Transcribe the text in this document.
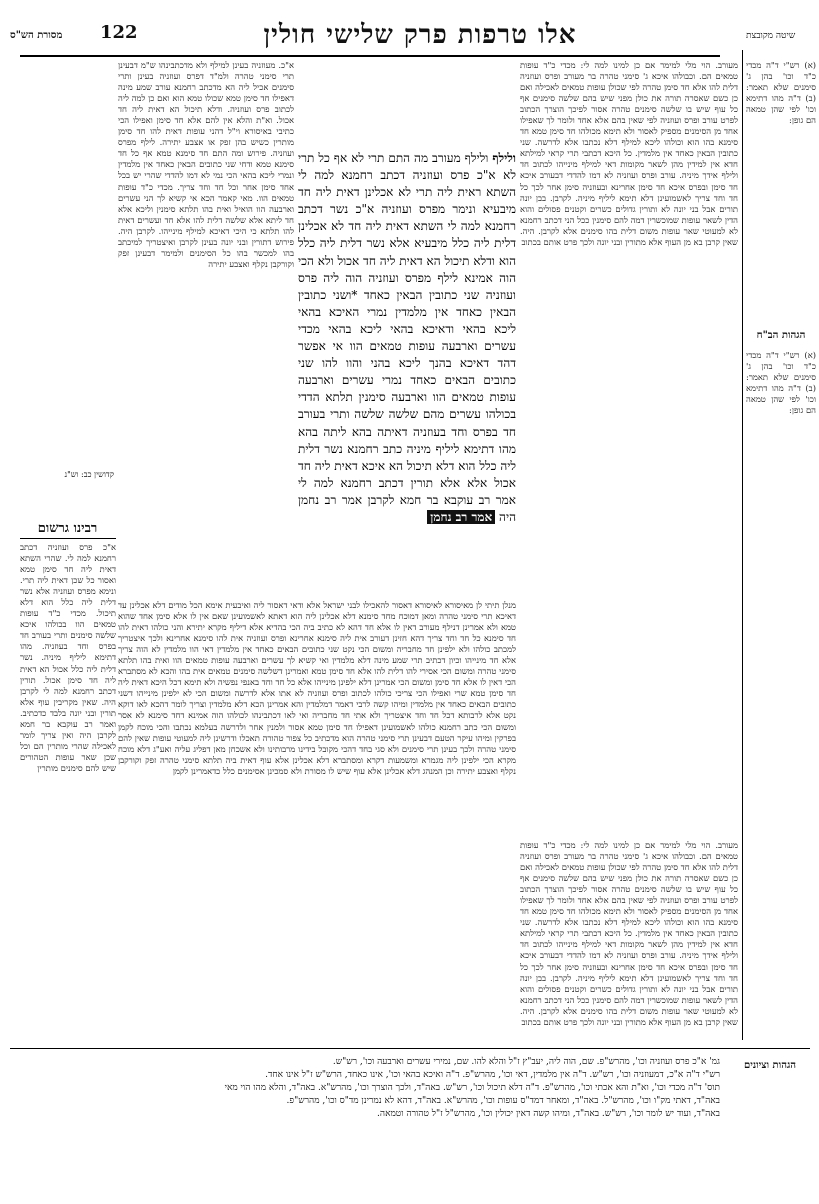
122	אלו טרפות פרק שלישי חולין	שיטה מקובצת
מסורת הש"ס
(א) רש"י ד"ה מכדי כ"ד וכו' בהן ג' סימנים שלא תאמר: (ב) ד"ה מהו דתימא וכו' לפי שהן טמאה הם גופן:
הגהות הב"ח
(א) רש"י ד"ה מכדי כ"ד וכו' בהן ג' סימנים שלא תאמר: (ב) ד"ה מהו דתימא וכו' לפי שהן טמאה הם גופן:
מעורב. הוי מלי למימר אם כן למינו למה לי: מכדי כ"ד עופות טמאים הם. וכבולהו איכא ג' סימני טהרה בר מעורב ופרס ועוזניה דלית להו אלא חד סימן טהרה לפי שכולן עופות טמאים לאכילה ואם כן כשם שאסרה תורה את כולן מפני שיש בהם שלשה סימנים אף כל עוף שיש בו שלשה סימנים טהרה אסור לפיכך הוצרך הכתוב לפרט עורב ופרס ועוזניה לפי שאין בהם אלא אחד ולומר לך שאפילו אחד מן הסימנים מספיק לאסור ולא תימא מכולהו חד סימן טמא חד סימנא בהו הוא וכולהו ליכא למילף דלא נכתבו אלא לדרשה. שני כתובין הבאין כאחד אין מלמדין. כל היכא דכתבי תרי קראי למילתא חדא אין למידין מהן לשאר מקומות דאי למילף מינייהו לכתוב חד ולילף אידך מיניה. עורב ופרס ועוזניה לא דמו להדדי דבעורב איכא חד סימן ובפרס איכא חד סימן אחרינא ובעוזניה סימן אחר לכך כל חד וחד צריך לאשמועינן דלא תימא ליליף מיניה. לקרבן. בבן יונה תורים אבל בני יונה לא ותורין גדולים כשרים וקטנים פסולים והוא הדין לשאר עופות שמוכשרין דמה להם סימנין ככל הני דכתב רחמנא לא למעוטי שאר עופות משום דלית בהו סימנים אלא לקרבן. היה. שאין קרבן בא מן העוף אלא מתורין ובני יונה ולכך פרט אותם בכתוב
ולילף ולילף מעורב מה התם תרי לא אף כל תרי לא א"כ פרס ועוזניה דכתב רחמנא למה לי השתא ראית ליה תרי לא אכלינן דאית ליה חד מיבעיא ונימר מפרס ועוזניה א"כ נשר דכתב רחמנא למה לי השתא דאית ליה חד לא אכלינן דלית ליה כלל מיבעיא אלא נשר דלית ליה כלל הוא ודלא תיכול הא דאית ליה חד אכול ולא הכי הוה אמינא לילף מפרס ועוזניה הוה ליה פרס ועוזניה שני כתובין הבאין כאחד *ושני כתובין הבאין כאחד אין מלמדין נמרי האיכא בהאי ליכא בהאי ודאיכא בהאי ליכא בהאי מכדי עשרים וארבעה עופות טמאים הוו אי אפשר דהד דאיכא בהנך ליכא בהני והוו להו שני כתובים הבאים כאחד נמרי עשרים וארבעה עופות טמאים הוו וארבעה סימנין תלתא הדדי בכולהו עשרים מהם שלשה שלשה ותרי בעורב חד בפרס וחד בעוזניה דאיתה בהא ליתה בהא מהו דתימא ליליף מיניה כתב רחמנא נשר דלית ליה כלל הוא דלא תיכול הא איכא דאית ליה חד אכול אלא אלא תורין דכתב רחמנא למה לי אמר רב עוקבא בר חמא לקרבן אמר רב נחמן היה אמר רב נחמן
א"כ. מעוזניה בעינן למילף ולא מדכתבינהו ש"מ דבעינן תרי סימני טהרה ולמ"ד דפרס ועוזניה בעינן ותרי סימנים אכיל ליה הא מדכתב רחמנא עורב שמע מינה דאפילו חד סימן טמא שכולו טמא הוא ואם כן למה ליה לכתוב פרס ועוזניה. ודלא תיכול הא דאית ליה חד אכול. וא"ת והלא אין להם אלא חד סימן ואפילו הכי כתיבי באיסורא וי"ל דהני עופות דאית להו חד סימן מותרין כשיש בהן זפק או אצבע יתירה. לילף מפרס ועוזניה. פירוש ומה התם חד סימנא טמא אף כל חד סימנא טמא ודחי שני כתובים הבאין כאחד אין מלמדין ונמרי ליכא בהאי הכי נמי לא דמו להדדי שהרי יש בכל אחד סימן אחר וכל חד וחד צריך. מכדי כ"ד עופות טמאים הוו. מאי קאמר הכא אי קשיא לך הני עשרים וארבעה הוו הואיל ואית בהו תלתא סימנין וליכא אלא חד ליתא אלא שלשה דלית להו אלא חד ועשרים דאית להו תלתא כי היכי דאיכא למילף מינייהו. לקרבן היה. פירוש דתורין ובני יונה בעינן לקרבן ואיצטריך למיכתב בהו למכשר בהו כל הסימנים ולמימר דבעינן זפק וקורקבן נקלף ואצבע יתירה
קדושין כב: וש"נ
רבינו גרשום
א"כ פרס ועוזניה דכתב רחמנא למה לי. שהרי השתא דאית ליה חד סימן טמא ואסור כל שכן דאית ליה תרי. ונימא מפרס ועוזניה אלא נשר דלית ליה כלל הוא דלא תיכול. מכדי כ"ד עופות טמאים הוו בכולהו איכא שלשה סימנים ותרי בעורב חד בפרס וחד בעוזניה. מהו דתימא ליליף מיניה. נשר דלית ליה כלל אכול הא דאית ליה חד סימן אכול. תורין דכתב רחמנא למה לי לקרבן היה. שאין מקריבין עוף אלא תורין ובני יונה בלבד כדכתיב. ואמר רב עוקבא בר חמא לקרבן היה ואין צריך לומר לאכילה שהרי מותרין הם וכל שכן שאר עופות הטהורים שיש להם סימנים מותרין
מנלן תיתי לן מאיסורא לאיסורא דאסור להאכילו לבני ישראל אלא ודאי דאסור ליה ואיבעית אימא הכל מודים דלא אכלינן עד דאיכא תרי סימני טהרה ומאן דמוכח מחד סימנא דלא אכלינן ליה הוא דאתא לאשמועינן שאם אין לו אלא סימן אחד שהוא טמא ולא אמרינן דנילף מעורב דאין לו אלא חד דהא לא כתיב ביה הכי בהדיא אלא דיליף מקרא יתירא והני כולהו דאית להו חד סימנא כל חד וחד צריך דהא חזינן דעורב אית ליה סימנא אחרינא ופרס ועוזניה אית להו סימנא אחרינא ולכך איצטריך למכתב כולהו ולא ילפינן חד מחבריה ומשום הכי נקט שני כתובים הבאים כאחד אין מלמדין דאי הוו מלמדין לא הוה צריך אלא חד מינייהו וכיון דכתיב תרי שמע מינה דלא מלמדין ואי קשיא לך עשרים וארבעה עופות טמאים הוו ואית בהו תלתא סימני טהרה ומשום הכי אסירי להו דלית להו אלא חד סימן טמא ואמרינן דשלשה סימנים טמאים אית בהו והכא לא מסתברא הכי דאין לו אלא חד סימן ומשום הכי אמרינן דלא ילפינן מינייהו אלא כל חד וחד באנפי נפשיה ולא תימא דכל היכא דאית ליה חד סימן טמא שרי ואפילו הכי צריכי כולהו לכתוב ופרס ועוזניה לא אתו אלא לדרשה ומשום הכי לא ילפינן מינייהו דשני כתובים הבאים כאחד אין מלמדין ומיהו קשה לרבי דאמר דמלמדין והא אמרינן הכא דלא מלמדין וצריך לומר דהכא לאו דוקא נקט אלא לרבותא דכל חד וחד איצטריך ולא אתי חד מחבריה ואי לאו דכתבינהו לכולהו הוה אמינא דחד סימנא לא אסר ומשום הכי כתב רחמנא כולהו לאשמועינן דאפילו חד סימן טמא אסור ולמנין אחר ולדרשה בעלמא נכתבו והכי מוכח לקמן בפרקין ומיהו עיקר הטעם דבעינן תרי סימני טהרה הוא מדכתיב כל צפור טהורה תאכלו ודרשינן ליה למעוטי עופות שאין להם סימני טהרה ולכך בעינן תרי סימנים ולא סגי בחד דהכי מקובל בידינו מרבותינו ולא אשכחן מאן דפליג עליה ואע"ג דלא מוכח מקרא הכי ילפינן ליה מגמרא ומשמעות דקרא ומסתברא דלא אכלינן אלא עוף דאית ביה תלתא סימני טהרה זפק וקורקבן נקלף ואצבע יתירה וכן המנהג דלא אכלינן אלא עוף שיש לו מסורת ולא סמכינן אסימנים כלל כדאמרינן לקמן
מעורב. הוי מלי למימר אם כן למינו למה לי: מכדי כ"ד עופות טמאים הם. וכבולהו איכא ג' סימני טהרה בר מעורב ופרס ועוזניה דלית להו אלא חד סימן טהרה לפי שכולן עופות טמאים לאכילה ואם כן כשם שאסרה תורה את כולן מפני שיש בהם שלשה סימנים אף כל עוף שיש בו שלשה סימנים טהרה אסור לפיכך הוצרך הכתוב לפרט עורב ופרס ועוזניה לפי שאין בהם אלא אחד ולומר לך שאפילו אחד מן הסימנים מספיק לאסור ולא תימא מכולהו חד סימן טמא חד סימנא בהו הוא וכולהו ליכא למילף דלא נכתבו אלא לדרשה. שני כתובין הבאין כאחד אין מלמדין. כל היכא דכתבי תרי קראי למילתא חדא אין למידין מהן לשאר מקומות דאי למילף מינייהו לכתוב חד ולילף אידך מיניה. עורב ופרס ועוזניה לא דמו להדדי דבעורב איכא חד סימן ובפרס איכא חד סימן אחרינא ובעוזניה סימן אחר לכך כל חד וחד צריך לאשמועינן דלא תימא ליליף מיניה. לקרבן. בבן יונה תורים אבל בני יונה לא ותורין גדולים כשרים וקטנים פסולים והוא הדין לשאר עופות שמוכשרין דמה להם סימנין ככל הני דכתב רחמנא לא למעוטי שאר עופות משום דלית בהו סימנים אלא לקרבן. היה. שאין קרבן בא מן העוף אלא מתורין ובני יונה ולכך פרט אותם בכתוב
הגהות וציונים
גמ' א"כ פרס ועוזניה וכו', מהרש"פ. שם, הוה ליה, יעב"ץ ז"ל והלא להו. שם, נמירי עשרים וארבעה וכו', רש"ש.
רש"י ד"ה א"כ, דמעוזניה וכו', רש"ש. ד"ה אין מלמדין, דאי וכו', מהרש"פ. ד"ה ואיכא בהאי וכו', אינו כאחד, הרש"ש ז"ל אינו אחד.
תוס' ד"ה מכדי וכו', וא"ת והא אכתי וכו', מהרש"פ. ד"ה דלא תיכול וכו', רש"ש. באה"ד, ולכך הוצרך וכו', מהרש"א. באה"ד, והלא מהו הוי מאי
באה"ד, דאתי מק"ו וכו', מהרש"ל. באה"ד, ומאחר דמד"ס עופות וכו', מהרש"א. באה"ד, דהא לא נמרינן מד"ס וכו', מהרש"פ.
באה"ד, ועוד יש לומר וכו', רש"ש. באה"ד, ומיהו קשה דאין יכולין וכו', מהרש"ל ז"ל טהורה וטמאה.
